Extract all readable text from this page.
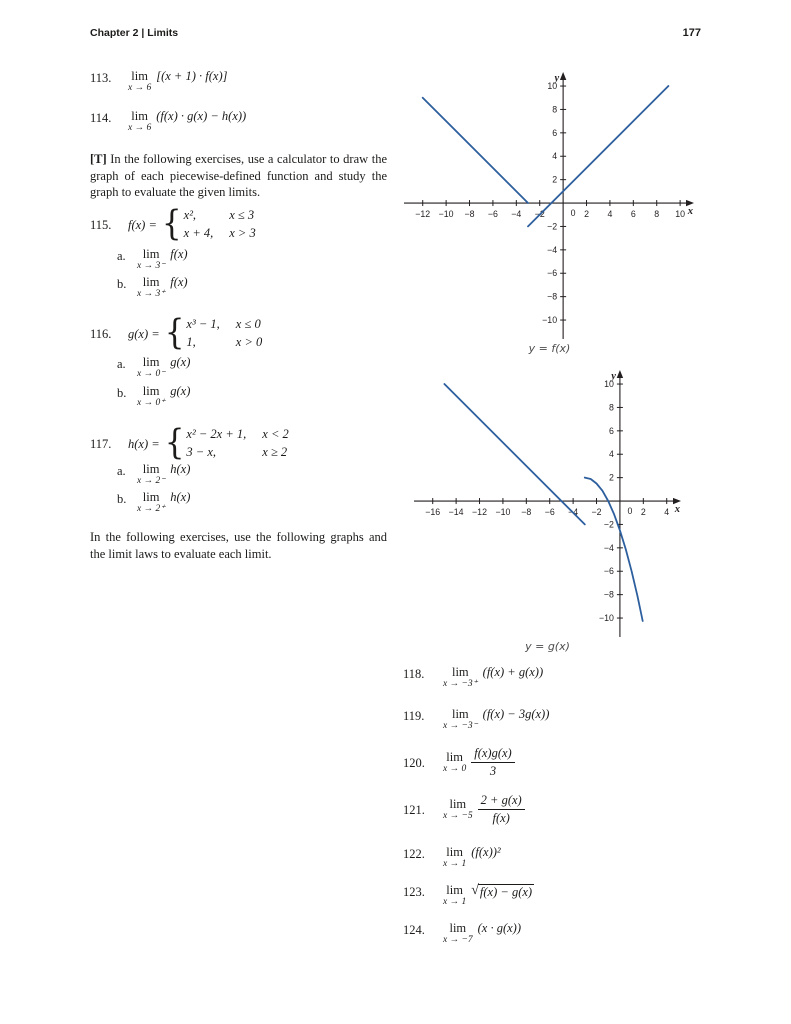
Chapter 2 | Limits	177
113.	lim
x → 6
[(x + 1) · f(x)]
114.	lim
x → 6
(f(x) · g(x) − h(x))
[T] In the following exercises, use a calculator to draw the graph of each piecewise-defined function and study the graph to evaluate the given limits.
115.	f(x) = { x²,	x ≤ 3
x + 4, x > 3
a.	lim
x → 3⁻
f(x)
b.	lim
x → 3⁺
f(x)
116.	g(x) = { x³ − 1, x ≤ 0
1,	x > 0
a.	lim
x → 0⁻
g(x)
b.	lim
x → 0⁺
g(x)
117.	h(x) = { x² − 2x + 1, x < 2
3 − x,	x ≥ 2
a.	lim
x → 2⁻
h(x)
b.	lim
x → 2⁺
h(x)
In the following exercises, use the following graphs and the limit laws to evaluate each limit.
−12 −10 −8 −6 −4 −2	2 4 6 8 10
−10
−8
−6
−4
−2
2
4
6
8
10
0	x
y
y = f(x)
−16 −14 −12 −10 −8 −6 −4 −2	2 4
−10
−8
−6
−4
−2
2
4
6
8
10
0	x
y
y = g(x)
118.	lim
x → −3⁺
(f(x) + g(x))
119.	lim
x → −3⁻
(f(x) − 3g(x))
120.	lim
$x \to 0 \frac{f(x)g(x)}{3}$
121.	lim
$x \to -5 \frac{2 + g(x)}{f(x)}$
122.	lim
x → 1
(f(x))²
123.	lim
x → 1
√ f(x) − g(x)
124.	lim
x → −7
(x · g(x))
